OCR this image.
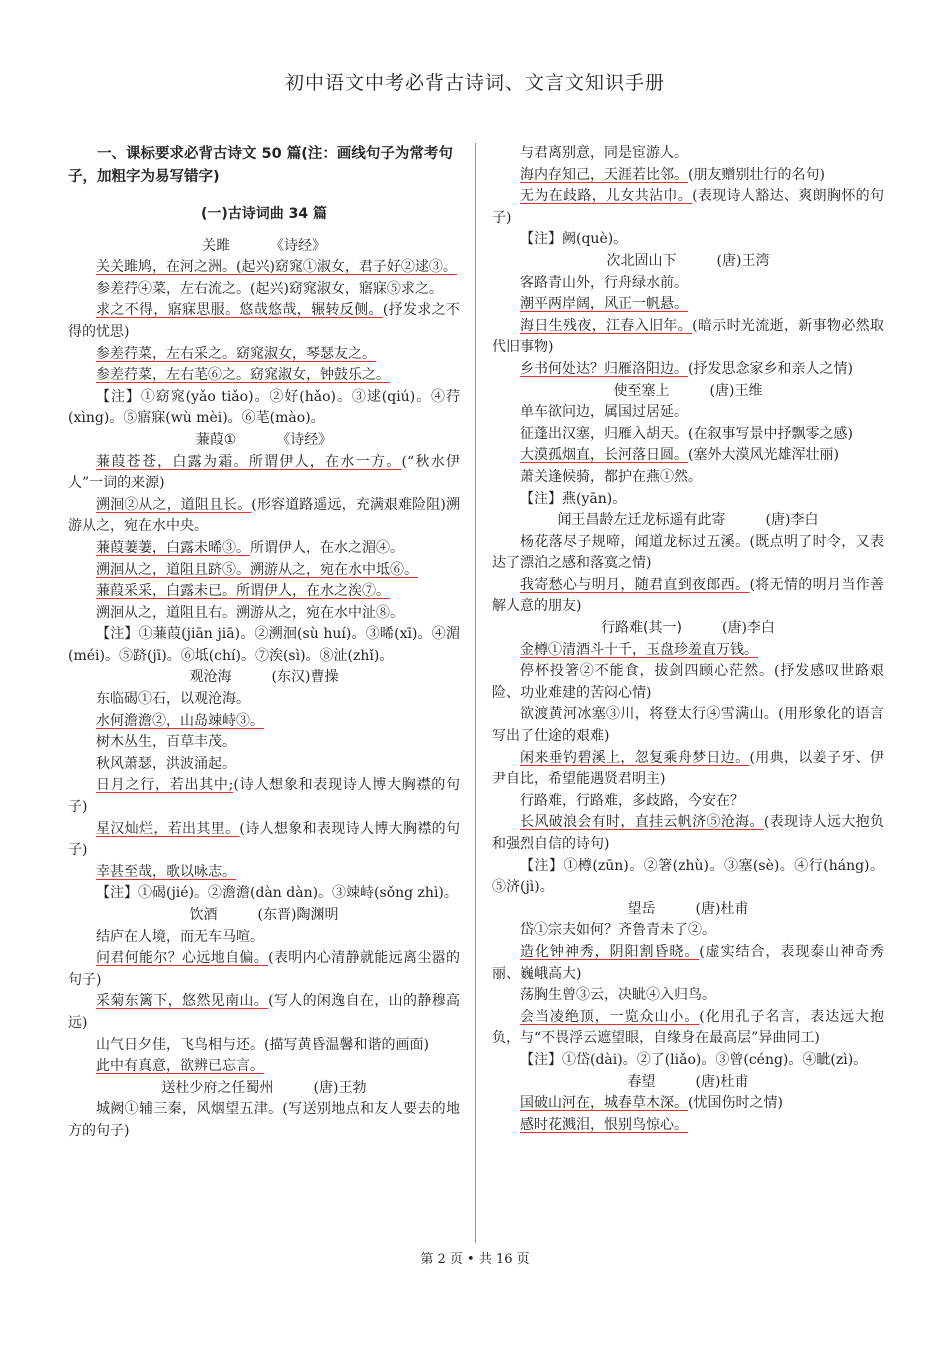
初中语文中考必背古诗词、文言文知识手册

一、课标要求必背古诗文 50 篇(注：画线句子为常考句子，加粗字为易写错字)

(一)古诗词曲 34 篇

关雎	《诗经》

关关雎鸠，在河之洲。(起兴)窈窕①淑女，君子好②逑③。

参差荇④菜，左右流之。(起兴)窈窕淑女，寤寐⑤求之。

求之不得，寤寐思服。悠哉悠哉，辗转反侧。(抒发求之不得的忧思)

参差荇菜，左右采之。窈窕淑女，琴瑟友之。

参差荇菜，左右芼⑥之。窈窕淑女，钟鼓乐之。

【注】①窈窕(yǎo tiǎo)。②好(hǎo)。③逑(qiú)。④荇(xìng)。⑤寤寐(wù mèi)。⑥芼(mào)。

蒹葭①	《诗经》

蒹葭苍苍，白露为霜。所谓伊人，在水一方。(“秋水伊人”一词的来源)

溯洄②从之，道阻且长。(形容道路遥远，充满艰难险阻)溯游从之，宛在水中央。

蒹葭萋萋，白露未晞③。所谓伊人，在水之湄④。

溯洄从之，道阻且跻⑤。溯游从之，宛在水中坻⑥。

蒹葭采采，白露未已。所谓伊人，在水之涘⑦。

溯洄从之，道阻且右。溯游从之，宛在水中沚⑧。

【注】①蒹葭(jiān jiā)。②溯洄(sù huí)。③晞(xī)。④湄(méi)。⑤跻(jī)。⑥坻(chí)。⑦涘(sì)。⑧沚(zhǐ)。

观沧海	(东汉)曹操

东临碣①石，以观沧海。

水何澹澹②，山岛竦峙③。

树木丛生，百草丰茂。

秋风萧瑟，洪波涌起。

日月之行，若出其中;(诗人想象和表现诗人博大胸襟的句子)

星汉灿烂，若出其里。(诗人想象和表现诗人博大胸襟的句子)

幸甚至哉，歌以咏志。

【注】①碣(jié)。②澹澹(dàn dàn)。③竦峙(sǒng zhì)。

饮酒	(东晋)陶渊明

结庐在人境，而无车马喧。

问君何能尔？心远地自偏。(表明内心清静就能远离尘嚣的句子)

采菊东篱下，悠然见南山。(写人的闲逸自在，山的静穆高远)

山气日夕佳，飞鸟相与还。(描写黄昏温馨和谐的画面)

此中有真意，欲辨已忘言。

送杜少府之任蜀州	(唐)王勃

城阙①辅三秦，风烟望五津。(写送别地点和友人要去的地方的句子)

与君离别意，同是宦游人。

海内存知己，天涯若比邻。(朋友赠别壮行的名句)

无为在歧路，儿女共沾巾。(表现诗人豁达、爽朗胸怀的句子)

【注】阙(què)。

次北固山下	(唐)王湾

客路青山外，行舟绿水前。

潮平两岸阔，风正一帆悬。

海日生残夜，江春入旧年。(暗示时光流逝，新事物必然取代旧事物)

乡书何处达？归雁洛阳边。(抒发思念家乡和亲人之情)

使至塞上	(唐)王维

单车欲问边，属国过居延。

征蓬出汉塞，归雁入胡天。(在叙事写景中抒飘零之感)

大漠孤烟直，长河落日圆。(塞外大漠风光雄浑壮丽)

萧关逢候骑，都护在燕①然。

【注】燕(yān)。

闻王昌龄左迁龙标遥有此寄	(唐)李白

杨花落尽子规啼，闻道龙标过五溪。(既点明了时令，又表达了漂泊之感和落寞之情)

我寄愁心与明月，随君直到夜郎西。(将无情的明月当作善解人意的朋友)

行路难(其一)	(唐)李白

金樽①清酒斗十千，玉盘珍羞直万钱。

停杯投箸②不能食，拔剑四顾心茫然。(抒发感叹世路艰险、功业难建的苦闷心情)

欲渡黄河冰塞③川，将登太行④雪满山。(用形象化的语言写出了仕途的艰难)

闲来垂钓碧溪上，忽复乘舟梦日边。(用典，以姜子牙、伊尹自比，希望能遇贤君明主)

行路难，行路难，多歧路，今安在？

长风破浪会有时，直挂云帆济⑤沧海。(表现诗人远大抱负和强烈自信的诗句)

【注】①樽(zūn)。②箸(zhù)。③塞(sè)。④行(háng)。⑤济(jì)。

望岳	(唐)杜甫

岱①宗夫如何？齐鲁青未了②。

造化钟神秀，阴阳割昏晓。(虚实结合，表现泰山神奇秀丽、巍峨高大)

荡胸生曾③云，决眦④入归鸟。

会当凌绝顶，一览众山小。(化用孔子名言，表达远大抱负，与“不畏浮云遮望眼，自缘身在最高层”异曲同工)

【注】①岱(dài)。②了(liǎo)。③曾(céng)。④眦(zì)。

春望	(唐)杜甫

国破山河在，城春草木深。(忧国伤时之情)

感时花溅泪，恨别鸟惊心。

第 2 页 • 共 16 页
